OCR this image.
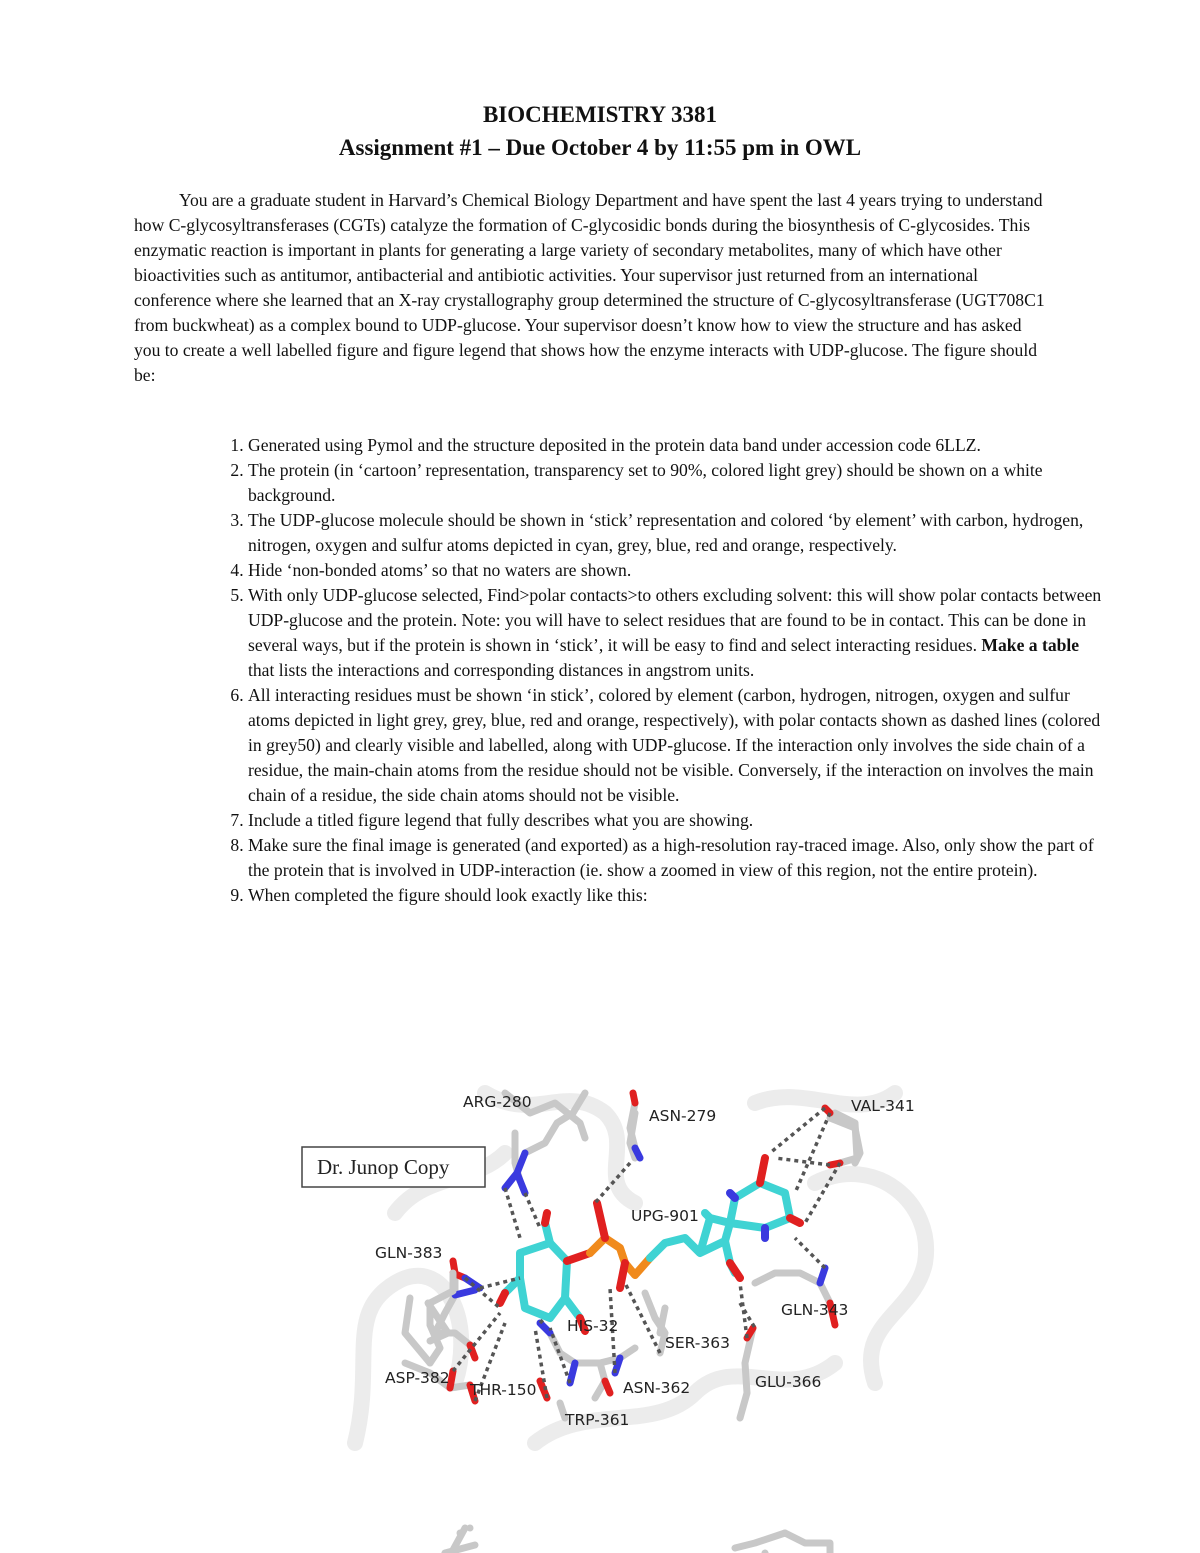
BIOCHEMISTRY 3381
Assignment #1 – Due October 4 by 11:55 pm in OWL

You are a graduate student in Harvard’s Chemical Biology Department and have spent the last 4 years trying to understand how C-glycosyltransferases (CGTs) catalyze the formation of C-glycosidic bonds during the biosynthesis of C-glycosides. This enzymatic reaction is important in plants for generating a large variety of secondary metabolites, many of which have other bioactivities such as antitumor, antibacterial and antibiotic activities. Your supervisor just returned from an international conference where she learned that an X-ray crystallography group determined the structure of C-glycosyltransferase (UGT708C1 from buckwheat) as a complex bound to UDP-glucose. Your supervisor doesn’t know how to view the structure and has asked you to create a well labelled figure and figure legend that shows how the enzyme interacts with UDP-glucose. The figure should be:

1. Generated using Pymol and the structure deposited in the protein data band under accession code 6LLZ.
2. The protein (in ‘cartoon’ representation, transparency set to 90%, colored light grey) should be shown on a white background.
3. The UDP-glucose molecule should be shown in ‘stick’ representation and colored ‘by element’ with carbon, hydrogen, nitrogen, oxygen and sulfur atoms depicted in cyan, grey, blue, red and orange, respectively.
4. Hide ‘non-bonded atoms’ so that no waters are shown.
5. With only UDP-glucose selected, Find>polar contacts>to others excluding solvent: this will show polar contacts between UDP-glucose and the protein. Note: you will have to select residues that are found to be in contact. This can be done in several ways, but if the protein is shown in ‘stick’, it will be easy to find and select interacting residues. Make a table that lists the interactions and corresponding distances in angstrom units.
6. All interacting residues must be shown ‘in stick’, colored by element (carbon, hydrogen, nitrogen, oxygen and sulfur atoms depicted in light grey, grey, blue, red and orange, respectively), with polar contacts shown as dashed lines (colored in grey50) and clearly visible and labelled, along with UDP-glucose. If the interaction only involves the side chain of a residue, the main-chain atoms from the residue should not be visible. Conversely, if the interaction on involves the main chain of a residue, the side chain atoms should not be visible.
7. Include a titled figure legend that fully describes what you are showing.
8. Make sure the final image is generated (and exported) as a high-resolution ray-traced image. Also, only show the part of the protein that is involved in UDP-interaction (ie. show a zoomed in view of this region, not the entire protein).
9. When completed the figure should look exactly like this:
Dr. Junop Copy
ARG-280
ASN-279
VAL-341
UPG-901
GLN-383
GLN-343
HIS-32
SER-363
ASP-382
THR-150	ASN-362	GLU-366
TRP-361
